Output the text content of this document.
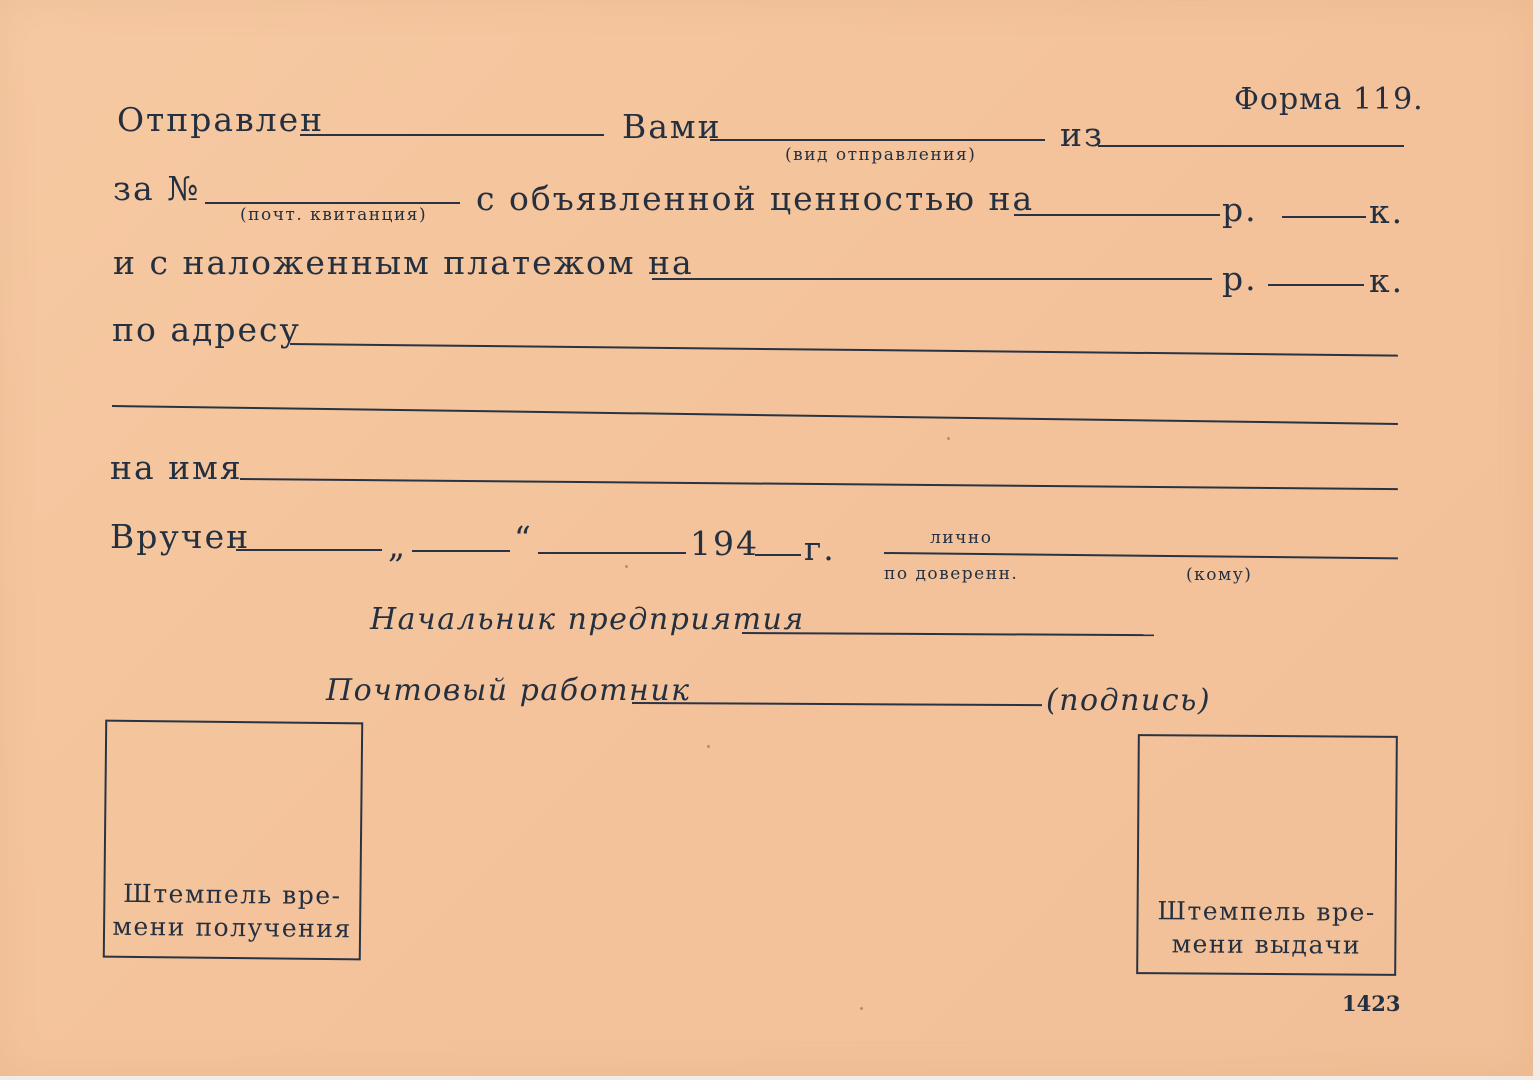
Форма 119.
Отправлен	Вами
(вид отправления)
из
за №
(почт. квитанция) с объявленной ценностью на	р.	к.
и с наложенным платежом на	р.	к.
по адресу
на имя
Вручен	„	“	194 г.	лично
по доверенн.	(кому)
Начальник предприятия
Почтовый работник	(подпись)
Штемпель вре-
мени получения
Штемпель вре-
мени выдачи
1423
